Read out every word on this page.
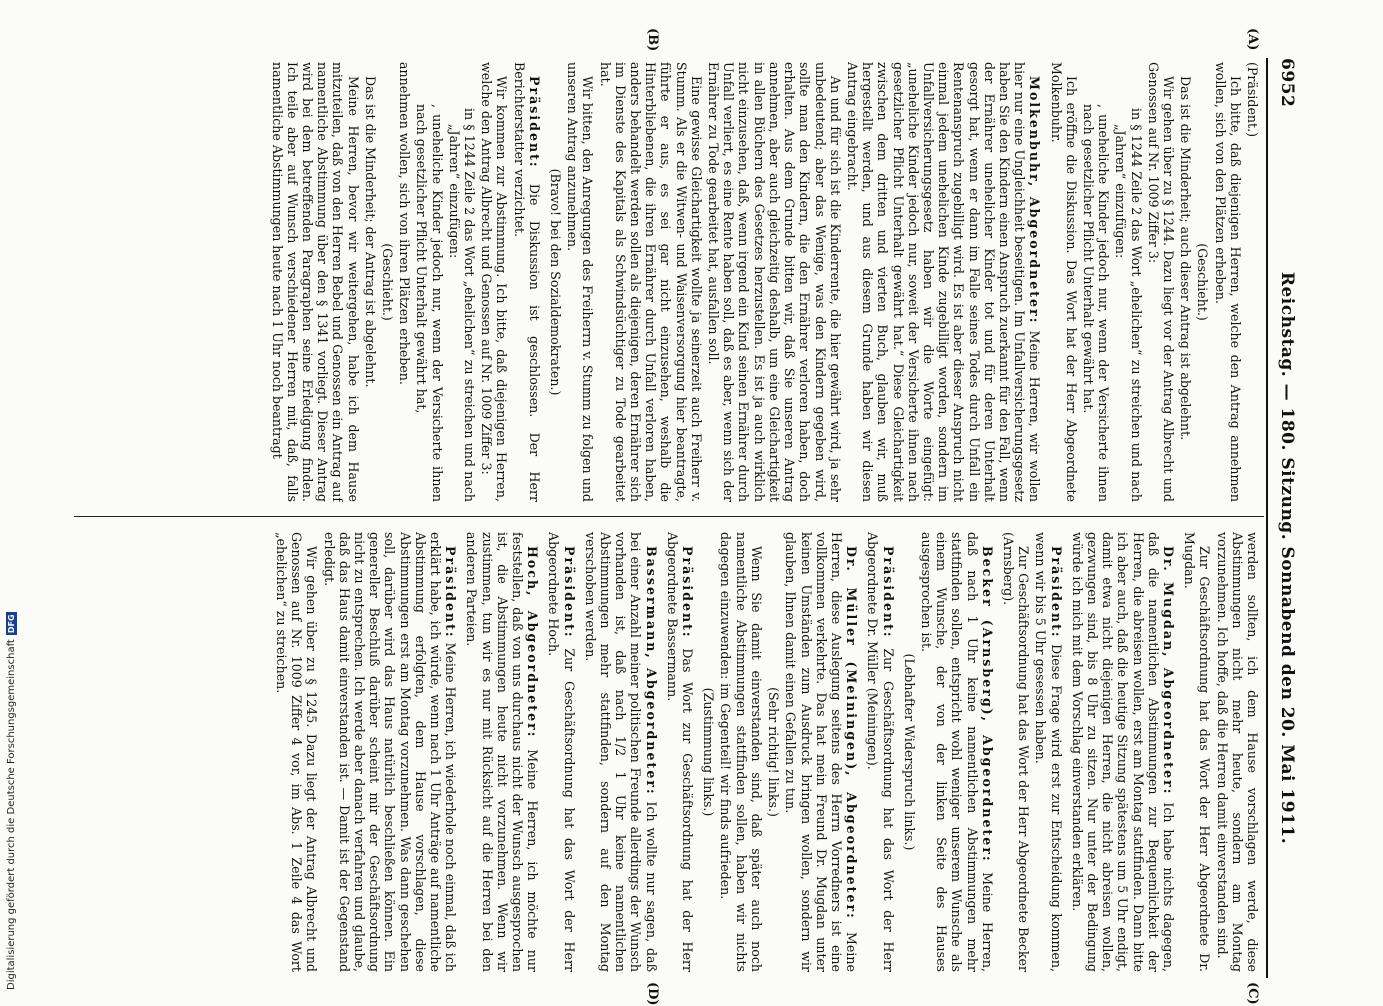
6952
Reichstag. — 180. Sitzung. Sonnabend den 20. Mai 1911.
(A)
(B)
(C)
(D)

(Präsident.)

Ich bitte, daß diejenigen Herren, welche den Antrag annehmen wollen, sich von den Plätzen erheben.

(Geschieht.)

Das ist die Minderheit; auch dieser Antrag ist abgelehnt.

Wir gehen über zu § 1244. Dazu liegt vor der Antrag Albrecht und Genossen auf Nr. 1009 Ziffer 3:

in § 1244 Zeile 2 das Wort „ehelichen“ zu streichen und nach „Jahren“ einzufügen:

, uneheliche Kinder jedoch nur, wenn der Versicherte ihnen nach gesetzlicher Pflicht Unterhalt gewährt hat.

Ich eröffne die Diskussion. Das Wort hat der Herr Abgeordnete Molkenbuhr.

Molkenbuhr, Abgeordneter: Meine Herren, wir wollen hier nur eine Ungleichheit beseitigen. Im Unfallversicherungsgesetz haben Sie den Kindern einen Anspruch zuerkannt für den Fall, wenn der Ernährer unehelicher Kinder tot und für deren Unterhalt gesorgt hat, wenn er dann im Falle seines Todes durch Unfall ein Rentenanspruch zugebilligt wird. Es ist aber dieser Anspruch nicht einmal jedem unehelichen Kinde zugebilligt worden, sondern im Unfallversicherungsgesetz haben wir die Worte eingefügt: „uneheliche Kinder jedoch nur, soweit der Versicherte ihnen nach gesetzlicher Pflicht Unterhalt gewährt hat.“ Diese Gleichartigkeit zwischen dem dritten und vierten Buch, glauben wir, muß hergestellt werden, und aus diesem Grunde haben wir diesen Antrag eingebracht.

An und für sich ist die Kinderrente, die hier gewährt wird, ja sehr unbedeutend; aber das Wenige, was den Kindern gegeben wird, sollte man den Kindern, die den Ernährer verloren haben, doch erhalten. Aus dem Grunde bitten wir, daß Sie unseren Antrag annehmen, aber auch gleichzeitig deshalb, um eine Gleichartigkeit in allen Büchern des Gesetzes herzustellen. Es ist ja auch wirklich nicht einzusehen, daß, wenn irgend ein Kind seinen Ernährer durch Unfall verliert, es eine Rente haben soll, daß es aber, wenn sich der Ernährer zu Tode gearbeitet hat, ausfallen soll.

Eine gewisse Gleichartigkeit wollte ja seinerzeit auch Freiherr v. Stumm. Als er die Witwen- und Waisenversorgung hier beantragte, führte er aus, es sei gar nicht einzusehen, weshalb die Hinterbliebenen, die ihren Ernährer durch Unfall verloren haben, anders behandelt werden sollen als diejenigen, deren Ernährer sich im Dienste des Kapitals als Schwindsüchtiger zu Tode gearbeitet hat.

Wir bitten, den Anregungen des Freiherrn v. Stumm zu folgen und unseren Antrag anzunehmen.

(Bravo! bei den Sozialdemokraten.)

Präsident: Die Diskussion ist geschlossen. Der Herr Berichterstatter verzichtet.

Wir kommen zur Abstimmung. Ich bitte, daß diejenigen Herren, welche den Antrag Albrecht und Genossen auf Nr. 1009 Ziffer 3:

in § 1244 Zeile 2 das Wort „ehelichen“ zu streichen und nach „Jahren“ einzufügen:

, uneheliche Kinder jedoch nur, wenn der Versicherte ihnen nach gesetzlicher Pflicht Unterhalt gewährt hat,

annehmen wollen, sich von ihren Plätzen erheben.

(Geschieht.)

Das ist die Minderheit; der Antrag ist abgelehnt.

Meine Herren, bevor wir weitergehen, habe ich dem Hause mitzuteilen, daß von den Herren Bebel und Genossen ein Antrag auf namentliche Abstimmung über den § 1341 vorliegt. Dieser Antrag wird bei dem betreffenden Paragraphen seine Erledigung finden. Ich teile aber auf Wunsch verschiedener Herren mit, daß, falls namentliche Abstimmungen heute nach 1 Uhr noch beantragt

werden sollten, ich dem Hause vorschlagen werde, diese Abstimmungen nicht mehr heute, sondern am Montag vorzunehmen. Ich hoffe, daß die Herren damit einverstanden sind.

Zur Geschäftsordnung hat das Wort der Herr Abgeordnete Dr. Mugdan.

Dr. Mugdan, Abgeordneter: Ich habe nichts dagegen, daß die namentlichen Abstimmungen zur Bequemlichkeit der Herren, die abreisen wollen, erst am Montag stattfinden. Dann bitte ich aber auch, daß die heutige Sitzung spätestens um 5 Uhr endigt, damit etwa nicht diejenigen Herren, die nicht abreisen wollen, gezwungen sind, bis 8 Uhr zu sitzen. Nur unter der Bedingung würde ich mich mit dem Vorschlag einverstanden erklären.

Präsident: Diese Frage wird erst zur Entscheidung kommen, wenn wir bis 5 Uhr gesessen haben.

Zur Geschäftsordnung hat das Wort der Herr Abgeordnete Becker (Arnsberg).

Becker (Arnsberg), Abgeordneter: Meine Herren, daß nach 1 Uhr keine namentlichen Abstimmungen mehr stattfinden sollen, entspricht wohl weniger unserem Wunsche als einem Wunsche, der von der linken Seite des Hauses ausgesprochen ist.

(Lebhafter Widerspruch links.)

Präsident: Zur Geschäftsordnung hat das Wort der Herr Abgeordnete Dr. Müller (Meiningen).

Dr. Müller (Meiningen), Abgeordneter: Meine Herren, diese Auslegung seitens des Herrn Vorredners ist eine vollkommen verkehrte. Das hat mein Freund Dr. Mugdan unter keinen Umständen zum Ausdruck bringen wollen, sondern wir glauben, Ihnen damit einen Gefallen zu tun.

(Sehr richtig! links.)

Wenn Sie damit einverstanden sind, daß später auch noch namentliche Abstimmungen stattfinden sollen, haben wir nichts dagegen einzuwenden: im Gegenteil! wir finds aufrieden.

(Zustimmung links.)

Präsident: Das Wort zur Geschäftsordnung hat der Herr Abgeordnete Bassermann.

Bassermann, Abgeordneter: Ich wollte nur sagen, daß bei einer Anzahl meiner politischen Freunde allerdings der Wunsch vorhanden ist, daß nach 1/2 1 Uhr keine namentlichen Abstimmungen mehr stattfinden, sondern auf den Montag verschoben werden.

Präsident: Zur Geschäftsordnung hat das Wort der Herr Abgeordnete Hoch.

Hoch, Abgeordneter: Meine Herren, ich möchte nur feststellen, daß von uns durchaus nicht der Wunsch ausgesprochen ist, die Abstimmungen heute nicht vorzunehmen. Wenn wir zustimmen, tun wir es nur mit Rücksicht auf die Herren bei den anderen Parteien.

Präsident: Meine Herren, ich wiederhole noch einmal, daß ich erklärt habe, ich würde, wenn nach 1 Uhr Anträge auf namentliche Abstimmung erfolgten, dem Hause vorschlagen, diese Abstimmungen erst am Montag vorzunehmen. Was dann geschehen soll, darüber wird das Haus natürlich beschließen können. Ein genereller Beschluß darüber scheint mir der Geschäftsordnung nicht zu entsprechen. Ich werde aber danach verfahren und glaube, daß das Haus damit einverstanden ist. — Damit ist der Gegenstand erledigt.

Wir gehen über zu § 1245. Dazu liegt der Antrag Albrecht und Genossen auf Nr. 1009 Ziffer 4 vor, im Abs. 1 Zeile 4 das Wort „ehelichen“ zu streichen.

Digitalisierung gefördert durch die Deutsche Forschungsgemeinschaft
DFG
